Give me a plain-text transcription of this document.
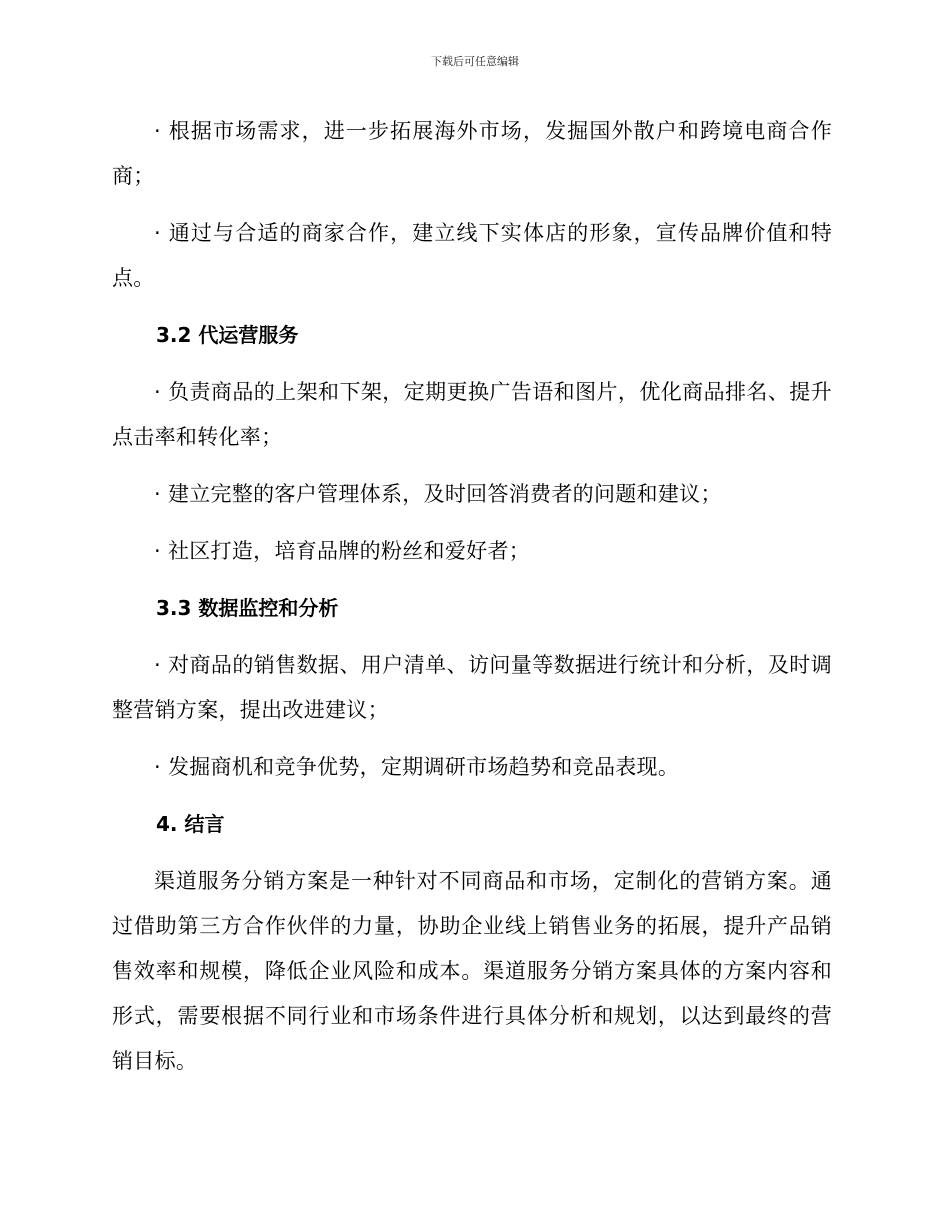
下载后可任意编辑

· 根据市场需求，进一步拓展海外市场，发掘国外散户和跨境电商合作商；

· 通过与合适的商家合作，建立线下实体店的形象，宣传品牌价值和特点。

3.2 代运营服务

· 负责商品的上架和下架，定期更换广告语和图片，优化商品排名、提升点击率和转化率；

· 建立完整的客户管理体系，及时回答消费者的问题和建议；

· 社区打造，培育品牌的粉丝和爱好者；

3.3 数据监控和分析

· 对商品的销售数据、用户清单、访问量等数据进行统计和分析，及时调整营销方案，提出改进建议；

· 发掘商机和竞争优势，定期调研市场趋势和竞品表现。

4. 结言

渠道服务分销方案是一种针对不同商品和市场，定制化的营销方案。通过借助第三方合作伙伴的力量，协助企业线上销售业务的拓展，提升产品销售效率和规模，降低企业风险和成本。渠道服务分销方案具体的方案内容和形式，需要根据不同行业和市场条件进行具体分析和规划，以达到最终的营销目标。
